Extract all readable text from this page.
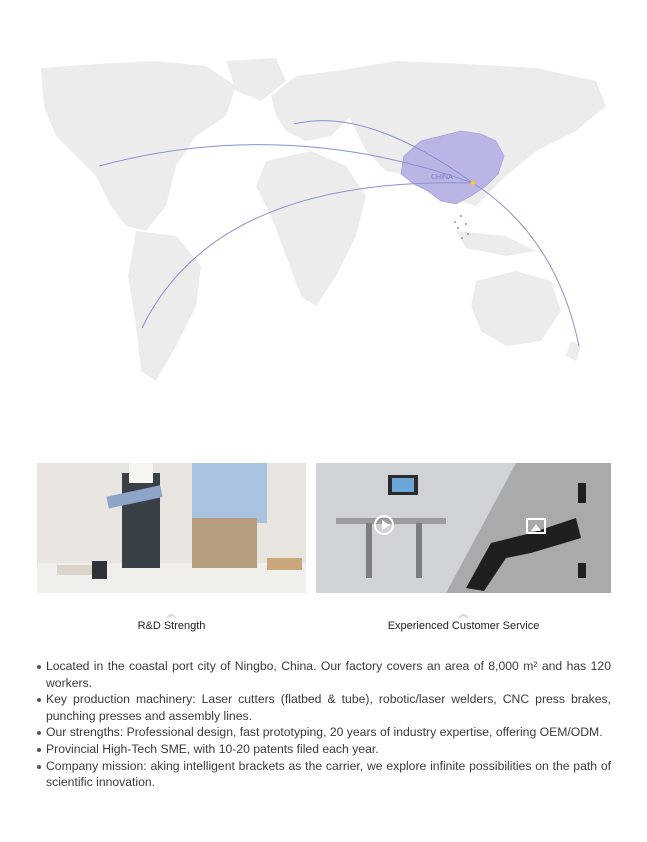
CHINA
︽
R&D Strength
︽
Experienced Customer Service
Located in the coastal port city of Ningbo, China. Our factory covers an area of 8,000 m² and has 120 workers.
Key production machinery: Laser cutters (flatbed & tube), robotic/laser welders, CNC press brakes, punching presses and assembly lines.
Our strengths: Professional design, fast prototyping, 20 years of industry expertise, offering OEM/ODM.
Provincial High-Tech SME, with 10-20 patents filed each year.
Company mission: aking intelligent brackets as the carrier, we explore infinite possibilities on the path of scientific innovation.
